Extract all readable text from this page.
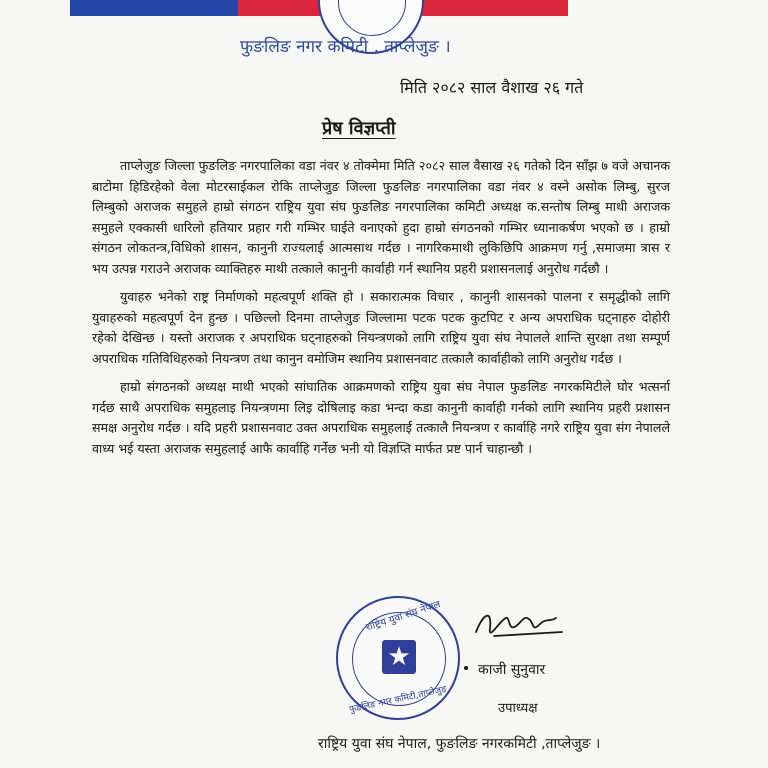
फुङलिङ नगर कमिटी , ताप्लेजुङ ।
मिति २०८२ साल वैशाख २६ गते
प्रेष विज्ञप्ती

ताप्लेजुङ जिल्ला फुङलिङ नगरपालिका वडा नंवर ४ तोक्मेमा मिति २०८२ साल वैसाख २६ गतेको दिन साँझ ७ वजे अचानक बाटोमा हिडिरहेको वेला मोटरसाईकल रोकि ताप्लेजुङ जिल्ला फुङलिङ नगरपालिका वडा नंवर ४ वस्ने असोक लिम्बु, सुरज लिम्बुको अराजक समुहले हाम्रो संगठन राष्ट्रिय युवा संघ फुङलिङ नगरपालिका कमिटी अध्यक्ष क.सन्तोष लिम्बु माथी अराजक समुहले एक्कासी धारिलो हतियार प्रहार गरी गम्भिर घाईते वनाएको हुदा हाम्रो संगठनको गम्भिर ध्यानाकर्षण भएको छ । हाम्रो संगठन लोकतन्त्र,विधिको शासन, कानुनी राज्यलाई आत्मसाथ गर्दछ । नागरिकमाथी लुकिछिपि आक्रमण गर्नु ,समाजमा त्रास र भय उत्पन्न गराउने अराजक व्याक्तिहरु माथी तत्काले कानुनी कार्वाही गर्न स्थानिय प्रहरी प्रशासनलाई अनुरोध गर्दछौ ।

युवाहरु भनेको राष्ट्र निर्माणको महत्वपूर्ण शक्ति हो । सकारात्मक विचार , कानुनी शासनको पालना र समृद्धीको लागि युवाहरुको महत्वपूर्ण देन हुन्छ । पछिल्लो दिनमा ताप्लेजुङ जिल्लामा पटक पटक कुटपिट र अन्य अपराधिक घट्नाहरु दोहोरी रहेको देखिन्छ । यस्तो अराजक र अपराधिक घट्नाहरुको नियन्त्रणको लागि राष्ट्रिय युवा संघ नेपालले शान्ति सुरक्षा तथा सम्पूर्ण अपराधिक गतिविधिहरुको नियन्त्रण तथा कानुन वमोजिम स्थानिय प्रशासनवाट तत्कालै कार्वाहीको लागि अनुरोध गर्दछ ।

हाम्रो संगठनको अध्यक्ष माथी भएको सांघातिक आक्रमणको राष्ट्रिय युवा संघ नेपाल फुङलिङ नगरकमिटीले घोर भत्सर्ना गर्दछ साथै अपराधिक समुहलाइ नियन्त्रणमा लिइ दोषिलाइ कडा भन्दा कडा कानुनी कार्वाही गर्नको लागि स्थानिय प्रहरी प्रशासन समक्ष अनुरोध गर्दछ । यदि प्रहरी प्रशासनवाट उक्त अपराधिक समुहलाई तत्कालै नियन्त्रण र कार्वाहि नगरे राष्ट्रिय युवा संग नेपालले वाध्य भई यस्ता अराजक समुहलाई आफै कार्वाहि गर्नेछ भनी यो विज्ञप्ति मार्फत प्रष्ट पार्न चाहान्छौ ।

राष्ट्रिय युवा संघ नेपाल
फुङलिङ नगर कमिटी,ताप्लेजुङ
★	काजी सुनुवार
उपाध्यक्ष
राष्ट्रिय युवा संघ नेपाल, फुङलिङ नगरकमिटी ,ताप्लेजुङ ।
